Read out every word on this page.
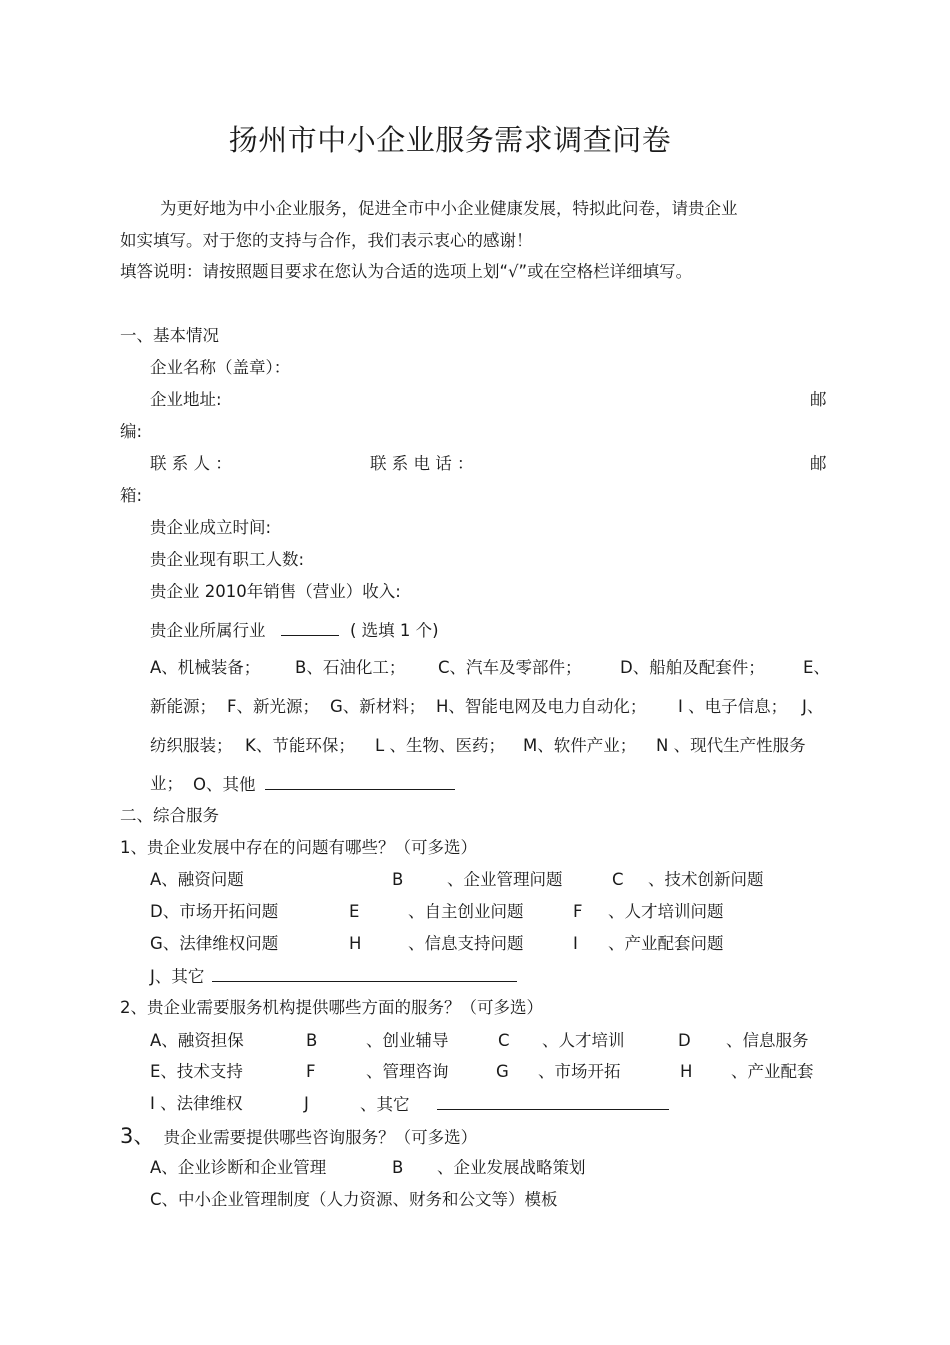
扬州市中小企业服务需求调查问卷
为更好地为中小企业服务，促进全市中小企业健康发展，特拟此问卷，请贵企业
如实填写。对于您的支持与合作，我们表示衷心的感谢！
填答说明：请按照题目要求在您认为合适的选项上划“√”或在空格栏详细填写。
一、基本情况
企业名称（盖章）：
企业地址:	邮
编:
联 系 人 ：	联 系 电 话 ：	邮
箱:
贵企业成立时间:
贵企业现有职工人数:
贵企业 2010年销售（营业）收入:
贵企业所属行业	( 选填 1 个)
A、机械装备； B、石油化工； C、汽车及零部件； D、船舶及配套件； E、
新能源； F、新光源； G、新材料； H、智能电网及电力自动化； I 、电子信息； J、
纺织服装； K、节能环保； L 、生物、医药； M、软件产业； N 、现代生产性服务
业； O、其他
二、综合服务
1、贵企业发展中存在的问题有哪些？（可多选）
A、融资问题	B	、企业管理问题	C 、技术创新问题
D、市场开拓问题	E	、自主创业问题	F 、人才培训问题
G、法律维权问题	H	、信息支持问题	I 、产业配套问题
J、其它
2、贵企业需要服务机构提供哪些方面的服务？（可多选）
A、融资担保	B	、创业辅导	C 、人才培训	D 、信息服务
E、技术支持	F	、管理咨询	G 、市场开拓	H 、产业配套
I 、法律维权	J	、其它
3、 贵企业需要提供哪些咨询服务？（可多选）
A、企业诊断和企业管理	B 、企业发展战略策划
C、中小企业管理制度（人力资源、财务和公文等）模板
